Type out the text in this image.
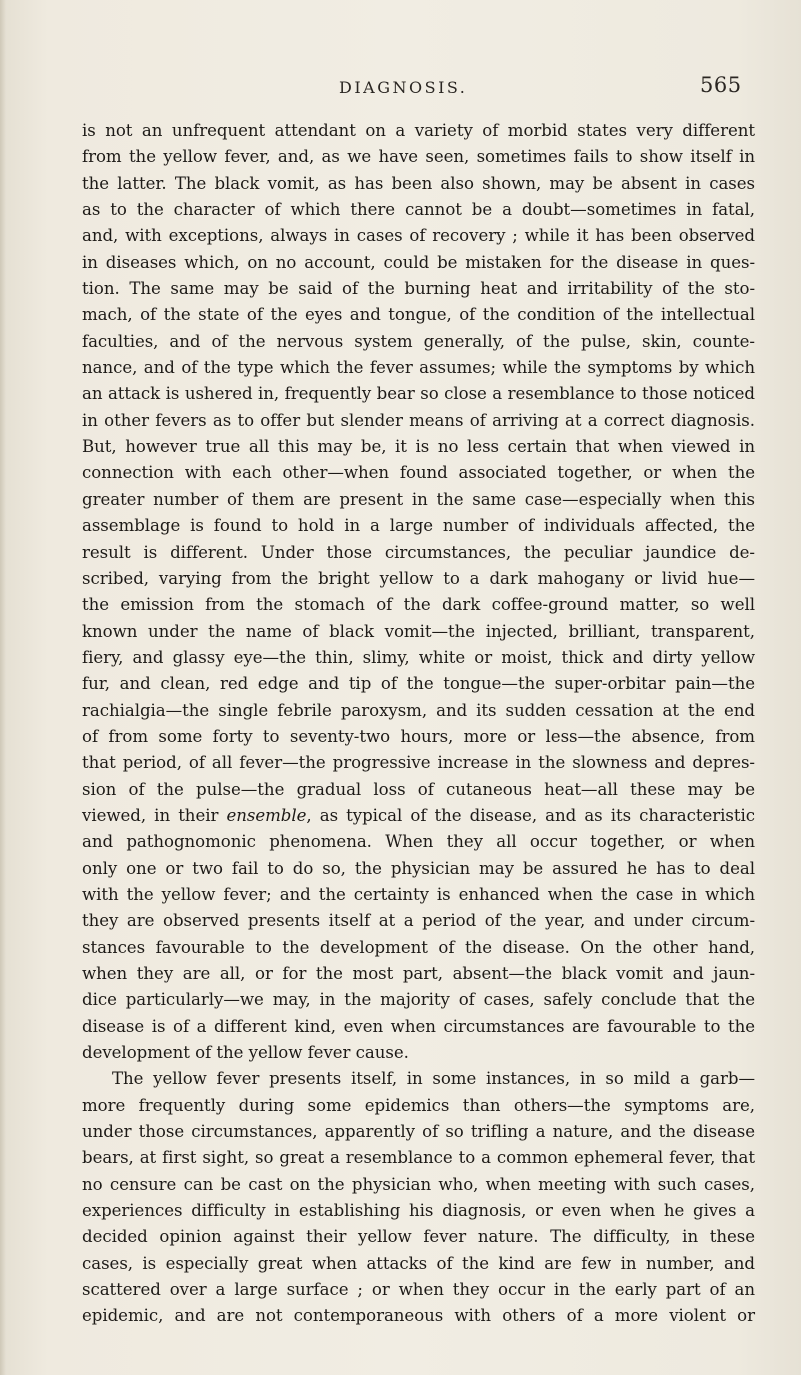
DIAGNOSIS.	565
is not an unfrequent attendant on a variety of morbid states very different
from the yellow fever, and, as we have seen, sometimes fails to show itself in
the latter. The black vomit, as has been also shown, may be absent in cases
as to the character of which there cannot be a doubt—sometimes in fatal,
and, with exceptions, always in cases of recovery ; while it has been observed
in diseases which, on no account, could be mistaken for the disease in ques-
tion. The same may be said of the burning heat and irritability of the sto-
mach, of the state of the eyes and tongue, of the condition of the intellectual
faculties, and of the nervous system generally, of the pulse, skin, counte-
nance, and of the type which the fever assumes; while the symptoms by which
an attack is ushered in, frequently bear so close a resemblance to those noticed
in other fevers as to offer but slender means of arriving at a correct diagnosis.
But, however true all this may be, it is no less certain that when viewed in
connection with each other—when found associated together, or when the
greater number of them are present in the same case—especially when this
assemblage is found to hold in a large number of individuals affected, the
result is different. Under those circumstances, the peculiar jaundice de-
scribed, varying from the bright yellow to a dark mahogany or livid hue—
the emission from the stomach of the dark coffee-ground matter, so well
known under the name of black vomit—the injected, brilliant, transparent,
fiery, and glassy eye—the thin, slimy, white or moist, thick and dirty yellow
fur, and clean, red edge and tip of the tongue—the super-orbitar pain—the
rachialgia—the single febrile paroxysm, and its sudden cessation at the end
of from some forty to seventy-two hours, more or less—the absence, from
that period, of all fever—the progressive increase in the slowness and depres-
sion of the pulse—the gradual loss of cutaneous heat—all these may be
viewed, in their ensemble, as typical of the disease, and as its characteristic
and pathognomonic phenomena. When they all occur together, or when
only one or two fail to do so, the physician may be assured he has to deal
with the yellow fever; and the certainty is enhanced when the case in which
they are observed presents itself at a period of the year, and under circum-
stances favourable to the development of the disease. On the other hand,
when they are all, or for the most part, absent—the black vomit and jaun-
dice particularly—we may, in the majority of cases, safely conclude that the
disease is of a different kind, even when circumstances are favourable to the
development of the yellow fever cause.
The yellow fever presents itself, in some instances, in so mild a garb—
more frequently during some epidemics than others—the symptoms are,
under those circumstances, apparently of so trifling a nature, and the disease
bears, at first sight, so great a resemblance to a common ephemeral fever, that
no censure can be cast on the physician who, when meeting with such cases,
experiences difficulty in establishing his diagnosis, or even when he gives a
decided opinion against their yellow fever nature. The difficulty, in these
cases, is especially great when attacks of the kind are few in number, and
scattered over a large surface ; or when they occur in the early part of an
epidemic, and are not contemporaneous with others of a more violent or
